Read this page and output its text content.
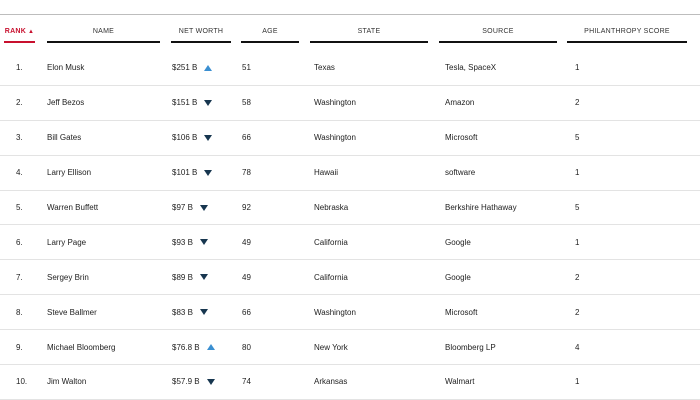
RANK ▲	NAME	NET WORTH	AGE	STATE	SOURCE	PHILANTHROPY SCORE
1.	Elon Musk	$251 B	51	Texas	Tesla, SpaceX	1
2.	Jeff Bezos	$151 B	58	Washington	Amazon	2
3.	Bill Gates	$106 B	66	Washington	Microsoft	5
4.	Larry Ellison	$101 B	78	Hawaii	software	1
5.	Warren Buffett	$97 B	92	Nebraska	Berkshire Hathaway	5
6.	Larry Page	$93 B	49	California	Google	1
7.	Sergey Brin	$89 B	49	California	Google	2
8.	Steve Ballmer	$83 B	66	Washington	Microsoft	2
9.	Michael Bloomberg	$76.8 B	80	New York	Bloomberg LP	4
10. Jim Walton	$57.9 B	74	Arkansas	Walmart	1
